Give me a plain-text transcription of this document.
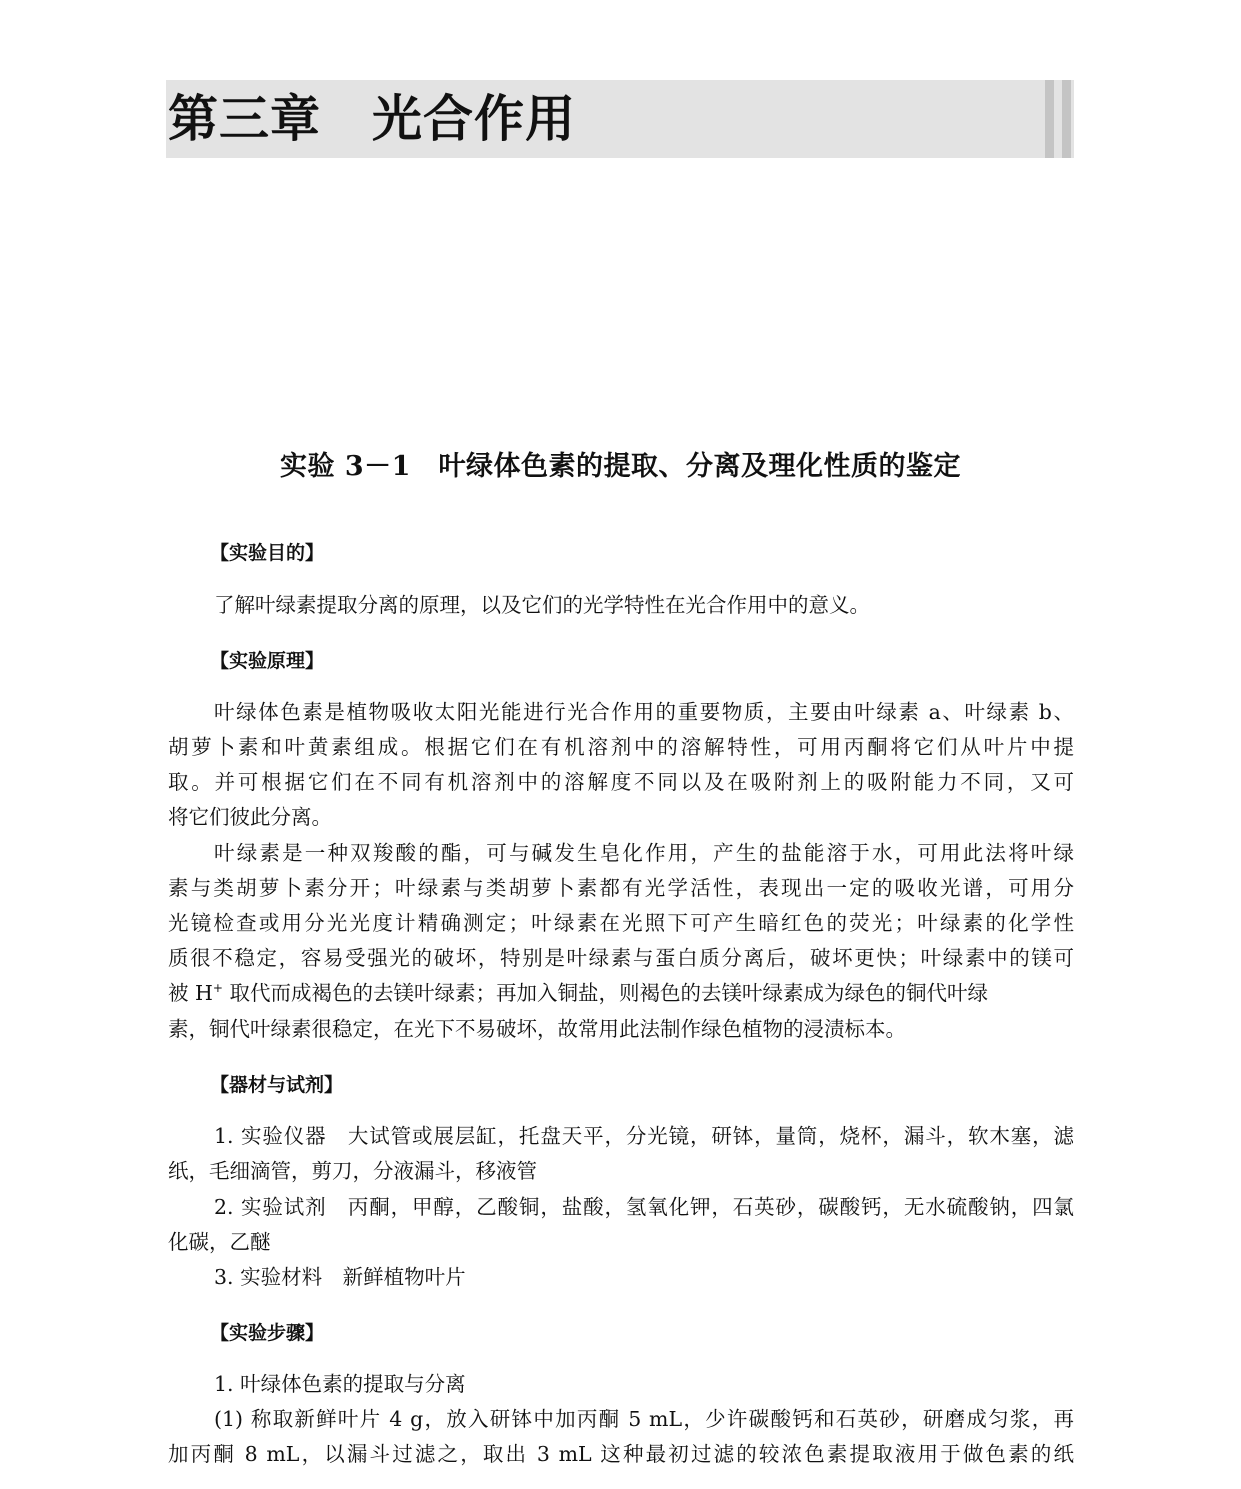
第三章　光合作用
实验 3－1　叶绿体色素的提取、分离及理化性质的鉴定
【实验目的】
了解叶绿素提取分离的原理，以及它们的光学特性在光合作用中的意义。
【实验原理】
叶绿体色素是植物吸收太阳光能进行光合作用的重要物质，主要由叶绿素 a、叶绿素 b、
胡萝卜素和叶黄素组成。根据它们在有机溶剂中的溶解特性，可用丙酮将它们从叶片中提
取。并可根据它们在不同有机溶剂中的溶解度不同以及在吸附剂上的吸附能力不同，又可
将它们彼此分离。
叶绿素是一种双羧酸的酯，可与碱发生皂化作用，产生的盐能溶于水，可用此法将叶绿
素与类胡萝卜素分开；叶绿素与类胡萝卜素都有光学活性，表现出一定的吸收光谱，可用分
光镜检查或用分光光度计精确测定；叶绿素在光照下可产生暗红色的荧光；叶绿素的化学性
质很不稳定，容易受强光的破坏，特别是叶绿素与蛋白质分离后，破坏更快；叶绿素中的镁可
被 H+ 取代而成褐色的去镁叶绿素；再加入铜盐，则褐色的去镁叶绿素成为绿色的铜代叶绿
素，铜代叶绿素很稳定，在光下不易破坏，故常用此法制作绿色植物的浸渍标本。
【器材与试剂】
1. 实验仪器　大试管或展层缸，托盘天平，分光镜，研钵，量筒，烧杯，漏斗，软木塞，滤
纸，毛细滴管，剪刀，分液漏斗，移液管
2. 实验试剂　丙酮，甲醇，乙酸铜，盐酸，氢氧化钾，石英砂，碳酸钙，无水硫酸钠，四氯
化碳，乙醚
3. 实验材料　新鲜植物叶片
【实验步骤】
1. 叶绿体色素的提取与分离
(1) 称取新鲜叶片 4 g，放入研钵中加丙酮 5 mL，少许碳酸钙和石英砂，研磨成匀浆，再
加丙酮 8 mL，以漏斗过滤之，取出 3 mL 这种最初过滤的较浓色素提取液用于做色素的纸
